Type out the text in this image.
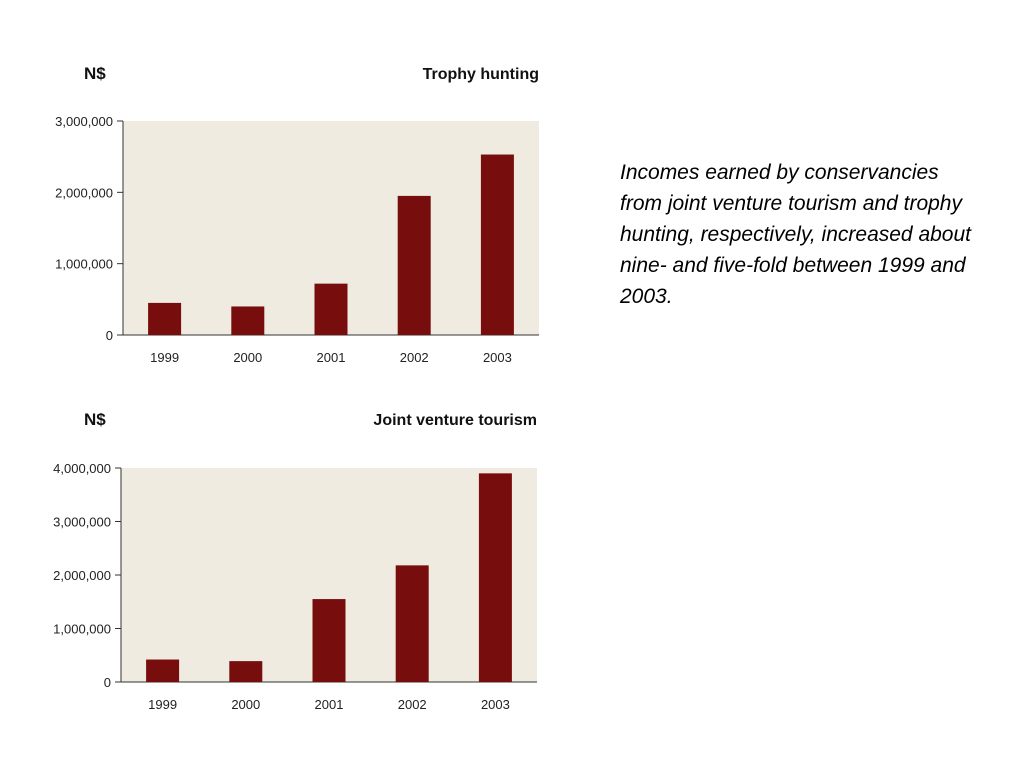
N$	Trophy hunting
0
1,000,000
2,000,000
3,000,000
1999	2000	2001	2002	2003
N$	Joint venture tourism
0
1,000,000
2,000,000
3,000,000
4,000,000
1999	2000	2001	2002	2003
Incomes earned by conservancies from joint venture tourism and trophy hunting, respectively, increased about nine- and five-fold between 1999 and 2003.
